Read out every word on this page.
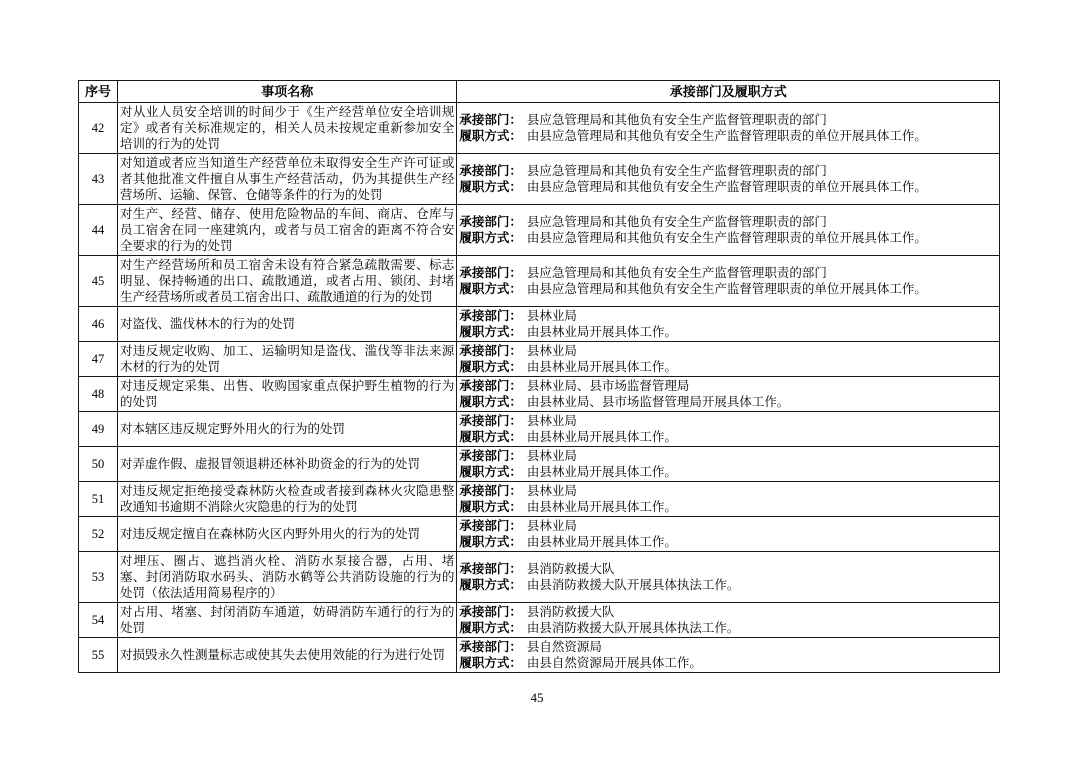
序号	事项名称	承接部门及履职方式
42	对从业人员安全培训的时间少于《生产经营单位安全培训规定》或者有关标准规定的，相关人员未按规定重新参加安全培训的行为的处罚	承接部门： 县应急管理局和其他负有安全生产监督管理职责的部门
履职方式： 由县应急管理局和其他负有安全生产监督管理职责的单位开展具体工作。

43	对知道或者应当知道生产经营单位未取得安全生产许可证或者其他批准文件擅自从事生产经营活动，仍为其提供生产经营场所、运输、保管、仓储等条件的行为的处罚	承接部门： 县应急管理局和其他负有安全生产监督管理职责的部门
履职方式： 由县应急管理局和其他负有安全生产监督管理职责的单位开展具体工作。

44	对生产、经营、储存、使用危险物品的车间、商店、仓库与员工宿舍在同一座建筑内，或者与员工宿舍的距离不符合安全要求的行为的处罚	承接部门： 县应急管理局和其他负有安全生产监督管理职责的部门
履职方式： 由县应急管理局和其他负有安全生产监督管理职责的单位开展具体工作。

45	对生产经营场所和员工宿舍未设有符合紧急疏散需要、标志明显、保持畅通的出口、疏散通道，或者占用、锁闭、封堵生产经营场所或者员工宿舍出口、疏散通道的行为的处罚	承接部门： 县应急管理局和其他负有安全生产监督管理职责的部门
履职方式： 由县应急管理局和其他负有安全生产监督管理职责的单位开展具体工作。

46	对盗伐、滥伐林木的行为的处罚	承接部门： 县林业局
履职方式： 由县林业局开展具体工作。

47	对违反规定收购、加工、运输明知是盗伐、滥伐等非法来源木材的行为的处罚	承接部门： 县林业局
履职方式： 由县林业局开展具体工作。

48	对违反规定采集、出售、收购国家重点保护野生植物的行为的处罚	承接部门： 县林业局、县市场监督管理局
履职方式： 由县林业局、县市场监督管理局开展具体工作。

49	对本辖区违反规定野外用火的行为的处罚	承接部门： 县林业局
履职方式： 由县林业局开展具体工作。

50	对弄虚作假、虚报冒领退耕还林补助资金的行为的处罚	承接部门： 县林业局
履职方式： 由县林业局开展具体工作。

51	对违反规定拒绝接受森林防火检查或者接到森林火灾隐患整改通知书逾期不消除火灾隐患的行为的处罚	承接部门： 县林业局
履职方式： 由县林业局开展具体工作。

52	对违反规定擅自在森林防火区内野外用火的行为的处罚	承接部门： 县林业局
履职方式： 由县林业局开展具体工作。

53	对埋压、圈占、遮挡消火栓、消防水泵接合器，占用、堵塞、封闭消防取水码头、消防水鹤等公共消防设施的行为的处罚（依法适用简易程序的）	承接部门： 县消防救援大队
履职方式： 由县消防救援大队开展具体执法工作。

54	对占用、堵塞、封闭消防车通道，妨碍消防车通行的行为的处罚	承接部门： 县消防救援大队
履职方式： 由县消防救援大队开展具体执法工作。

55	对损毁永久性测量标志或使其失去使用效能的行为进行处罚	承接部门： 县自然资源局
履职方式： 由县自然资源局开展具体工作。
45
